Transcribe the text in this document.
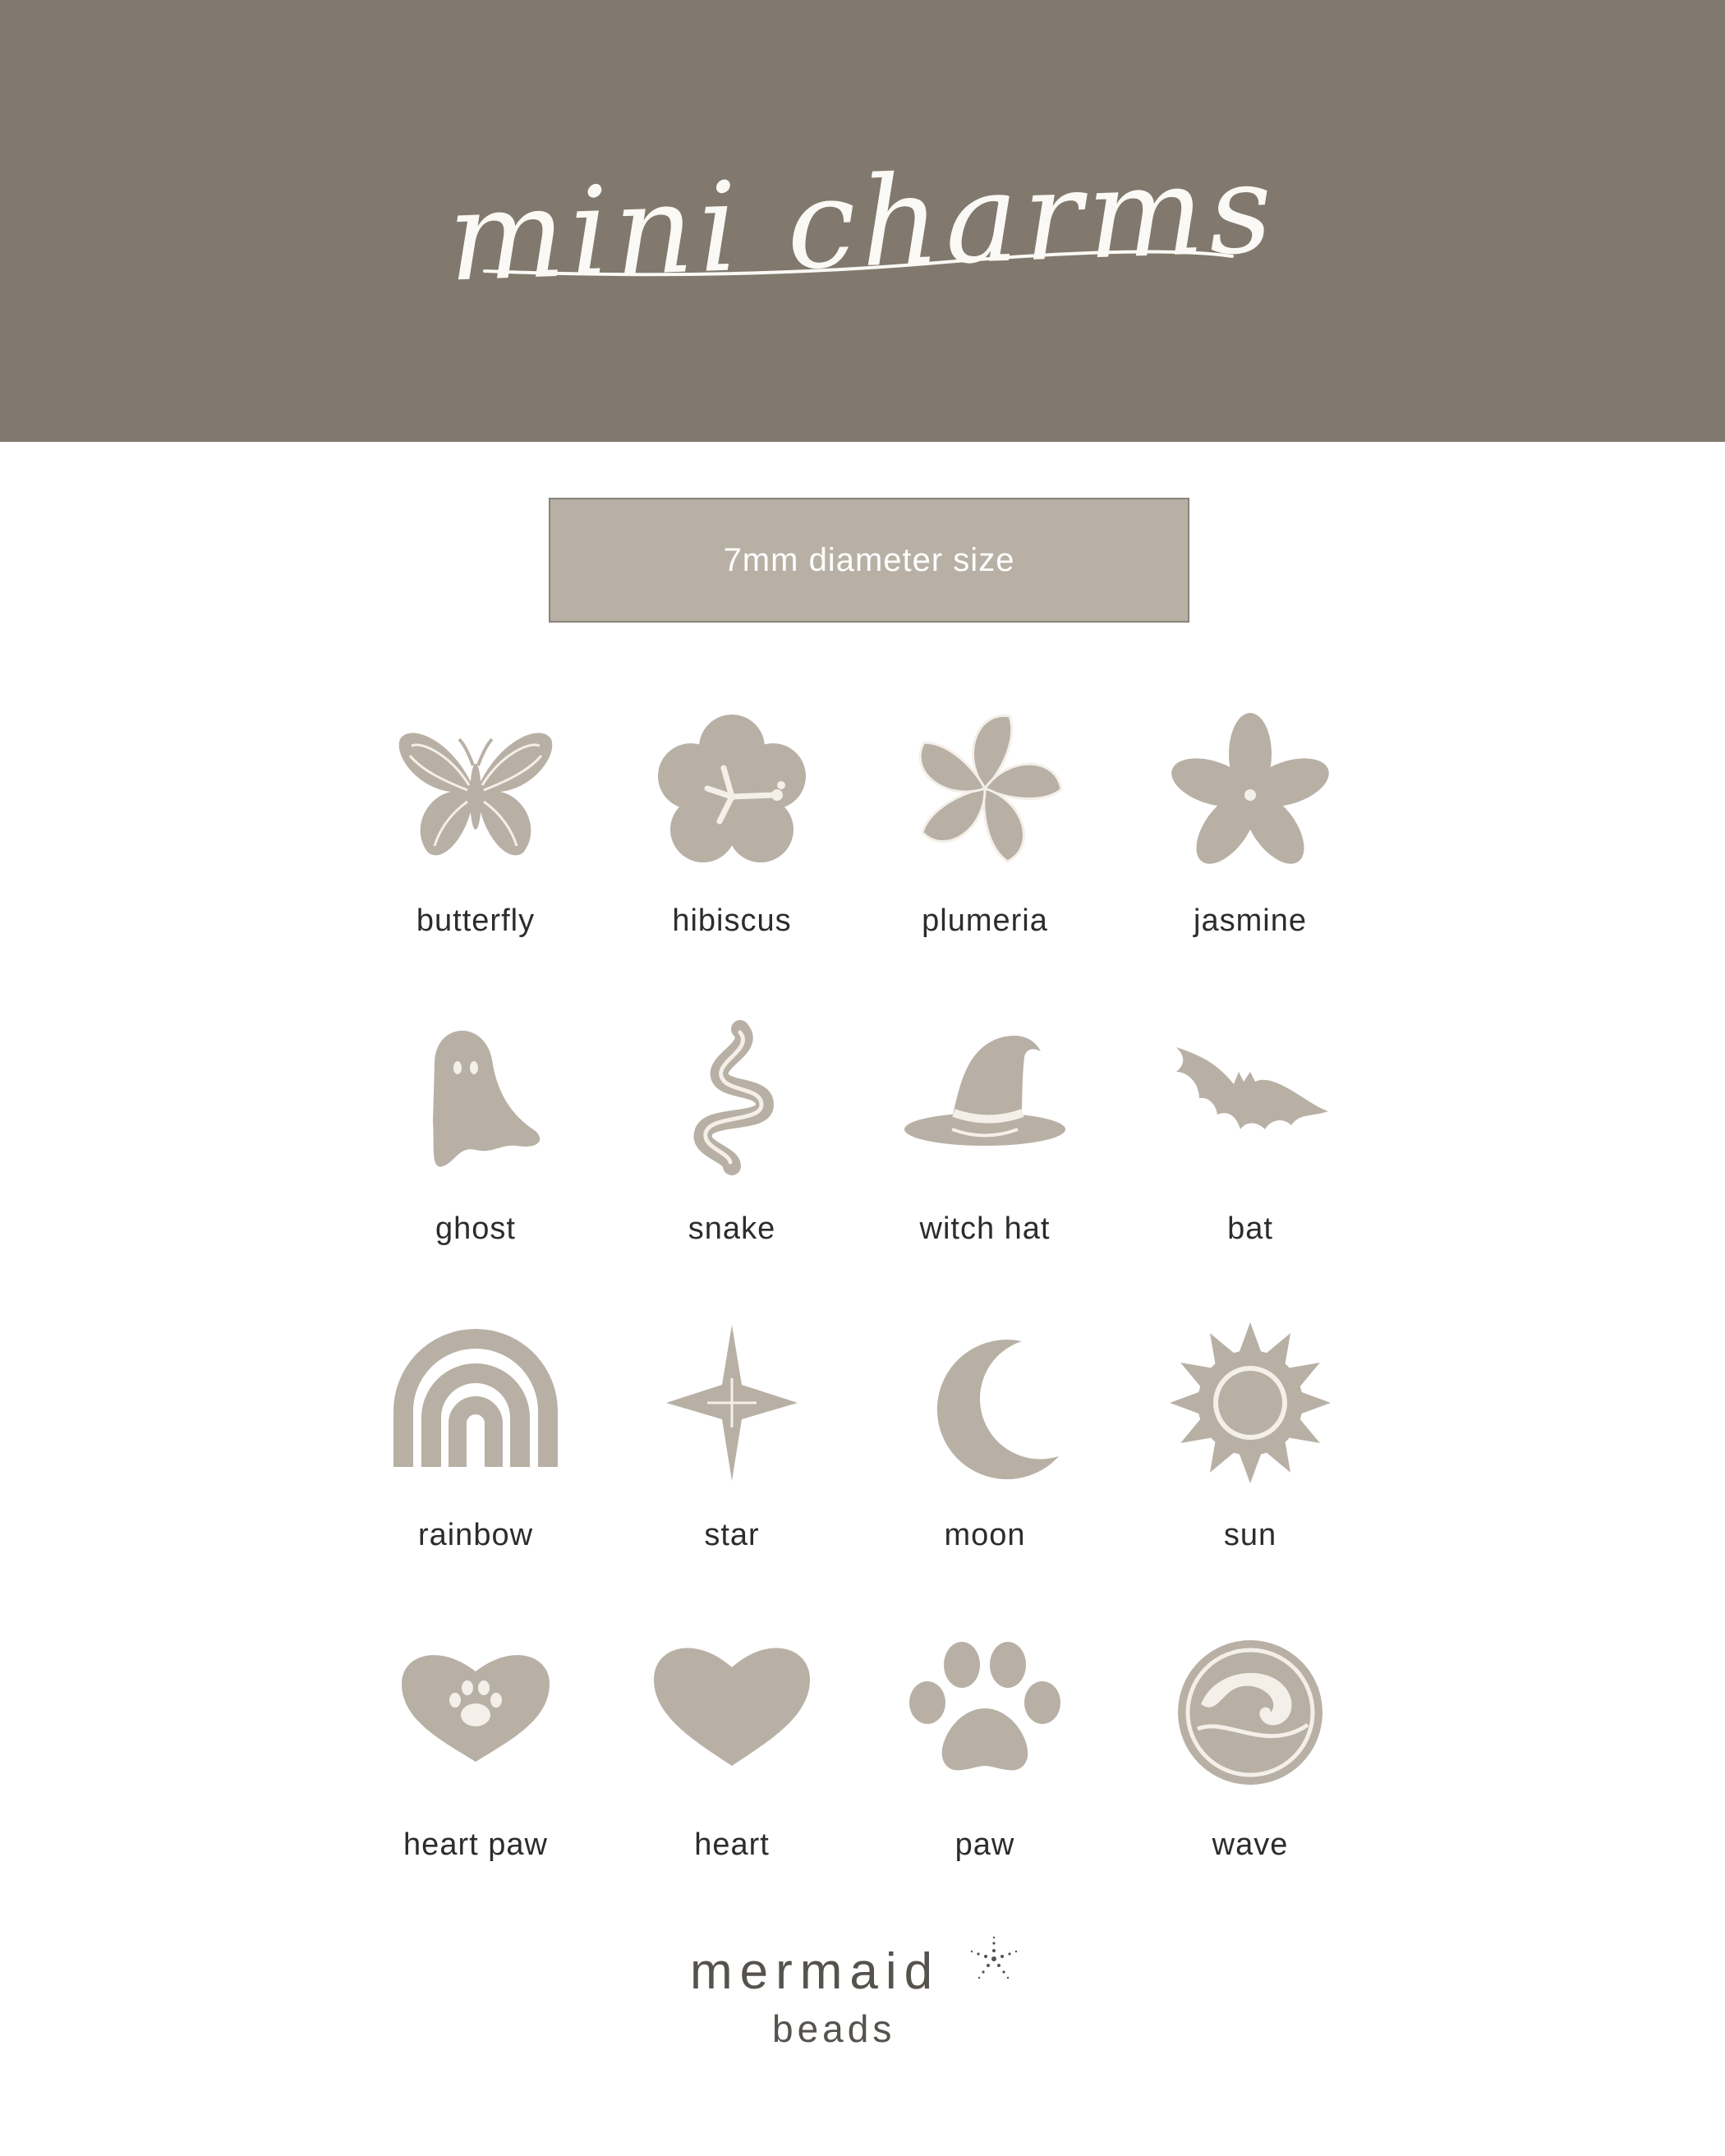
mini charms
7mm diameter size
butterfly	hibiscus	plumeria	jasmine
ghost	snake	witch hat	bat
rainbow	star	moon	sun
heart paw	heart	paw	wave
mermaid
beads
